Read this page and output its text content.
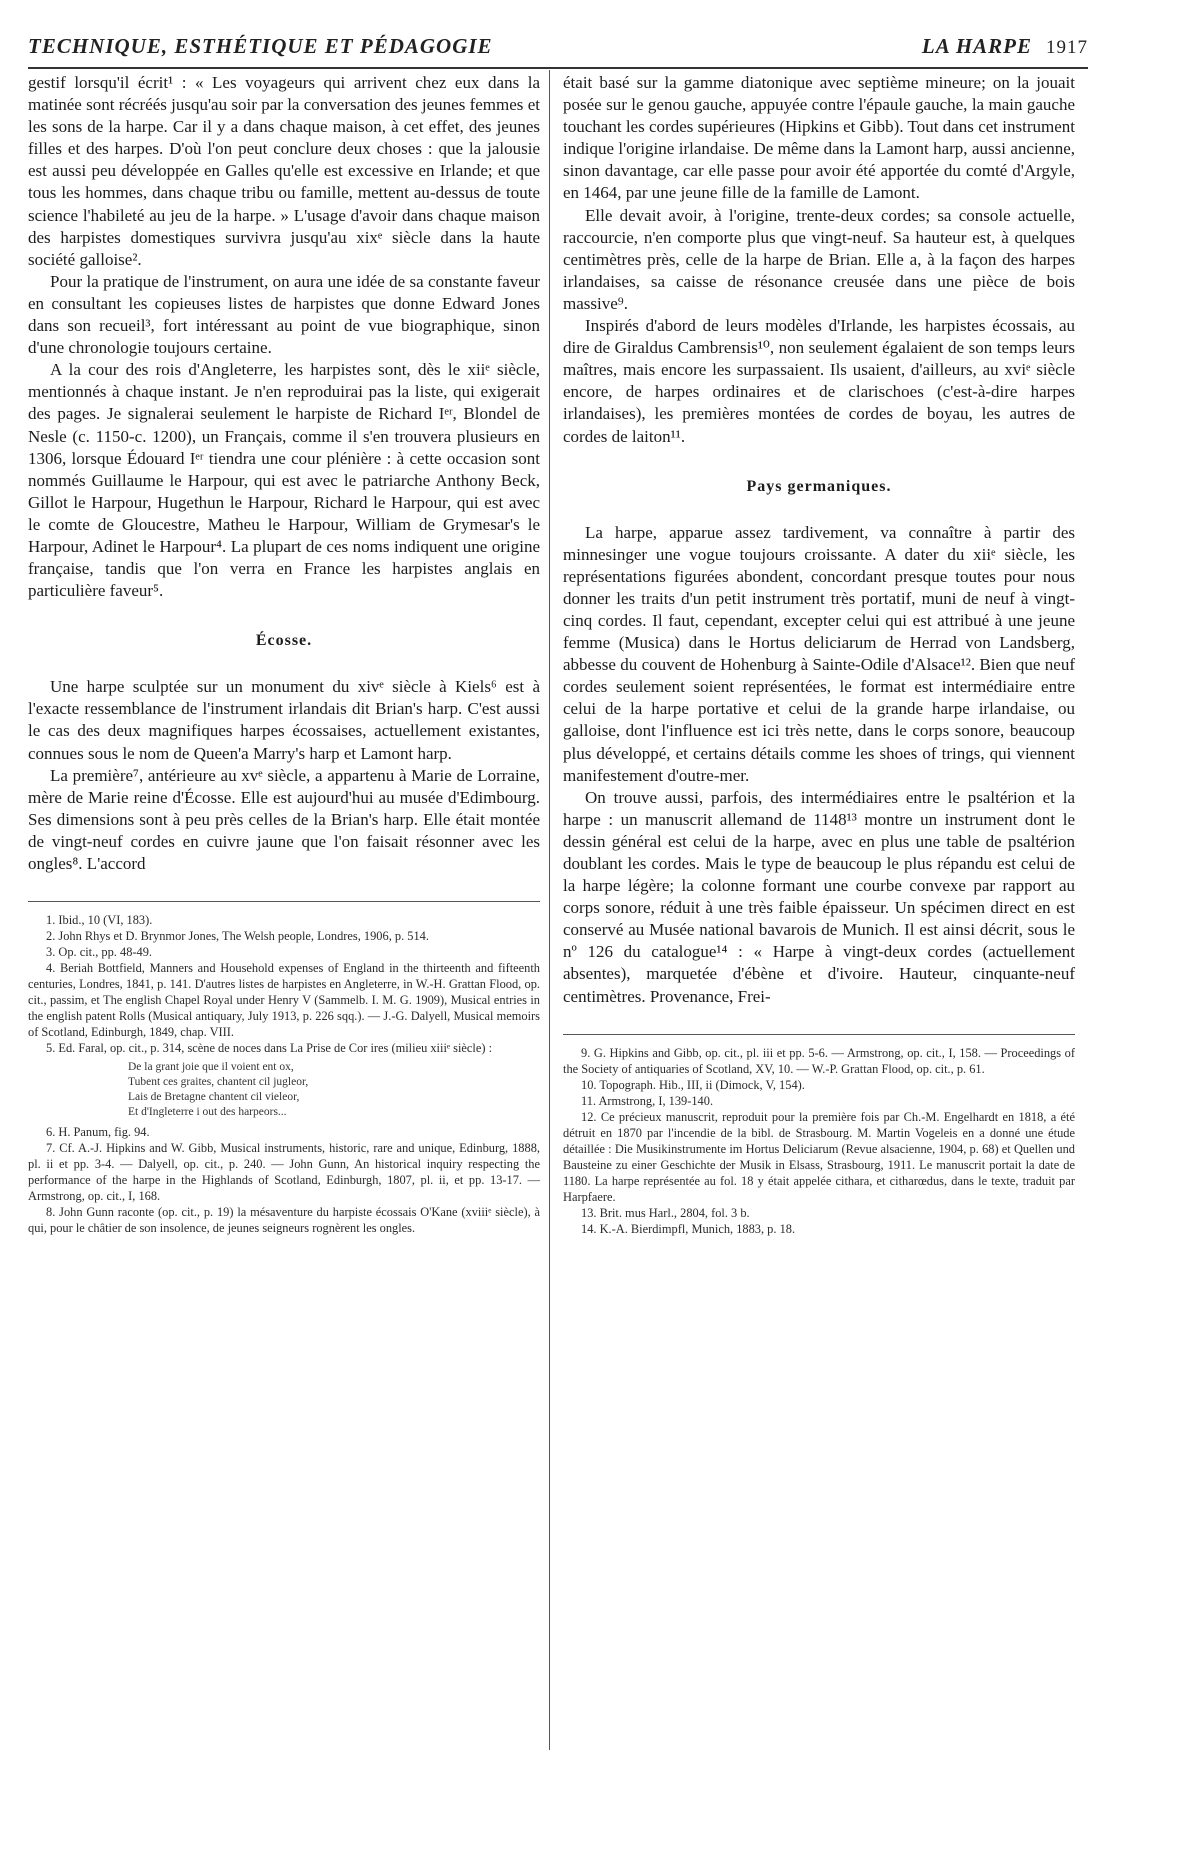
TECHNIQUE, ESTHÉTIQUE ET PÉDAGOGIE	LA HARPE 1917

gestif lorsqu'il écrit¹ : « Les voyageurs qui arrivent chez eux dans la matinée sont récréés jusqu'au soir par la conversation des jeunes femmes et les sons de la harpe. Car il y a dans chaque maison, à cet effet, des jeunes filles et des harpes. D'où l'on peut conclure deux choses : que la jalousie est aussi peu développée en Galles qu'elle est excessive en Irlande; et que tous les hommes, dans chaque tribu ou famille, mettent au-dessus de toute science l'habileté au jeu de la harpe. » L'usage d'avoir dans chaque maison des harpistes domestiques survivra jusqu'au xixᵉ siècle dans la haute société galloise².

Pour la pratique de l'instrument, on aura une idée de sa constante faveur en consultant les copieuses listes de harpistes que donne Edward Jones dans son recueil³, fort intéressant au point de vue biographique, sinon d'une chronologie toujours certaine.

A la cour des rois d'Angleterre, les harpistes sont, dès le xiiᵉ siècle, mentionnés à chaque instant. Je n'en reproduirai pas la liste, qui exigerait des pages. Je signalerai seulement le harpiste de Richard Iᵉʳ, Blondel de Nesle (c. 1150-c. 1200), un Français, comme il s'en trouvera plusieurs en 1306, lorsque Édouard Iᵉʳ tiendra une cour plénière : à cette occasion sont nommés Guillaume le Harpour, qui est avec le patriarche Anthony Beck, Gillot le Harpour, Hugethun le Harpour, Richard le Harpour, qui est avec le comte de Gloucestre, Matheu le Harpour, William de Grymesar's le Harpour, Adinet le Harpour⁴. La plupart de ces noms indiquent une origine française, tandis que l'on verra en France les harpistes anglais en particulière faveur⁵.

Écosse.

Une harpe sculptée sur un monument du xivᵉ siècle à Kiels⁶ est à l'exacte ressemblance de l'instrument irlandais dit Brian's harp. C'est aussi le cas des deux magnifiques harpes écossaises, actuellement existantes, connues sous le nom de Queen'a Marry's harp et Lamont harp.

La première⁷, antérieure au xvᵉ siècle, a appartenu à Marie de Lorraine, mère de Marie reine d'Écosse. Elle est aujourd'hui au musée d'Edimbourg. Ses dimensions sont à peu près celles de la Brian's harp. Elle était montée de vingt-neuf cordes en cuivre jaune que l'on faisait résonner avec les ongles⁸. L'accord

1. Ibid., 10 (VI, 183).

2. John Rhys et D. Brynmor Jones, The Welsh people, Londres, 1906, p. 514.

3. Op. cit., pp. 48-49.

4. Beriah Bottfield, Manners and Household expenses of England in the thirteenth and fifteenth centuries, Londres, 1841, p. 141. D'autres listes de harpistes en Angleterre, in W.-H. Grattan Flood, op. cit., passim, et The english Chapel Royal under Henry V (Sammelb. I. M. G. 1909), Musical entries in the english patent Rolls (Musical antiquary, July 1913, p. 226 sqq.). — J.-G. Dalyell, Musical memoirs of Scotland, Edinburgh, 1849, chap. VIII.

5. Ed. Faral, op. cit., p. 314, scène de noces dans La Prise de Cor ires (milieu xiiiᵉ siècle) :

De la grant joie que il voient ent ox,
Tubent ces graites, chantent cil jugleor,
Lais de Bretagne chantent cil vieleor,
Et d'Ingleterre i out des harpeors...

6. H. Panum, fig. 94.

7. Cf. A.-J. Hipkins and W. Gibb, Musical instruments, historic, rare and unique, Edinburg, 1888, pl. ii et pp. 3-4. — Dalyell, op. cit., p. 240. — John Gunn, An historical inquiry respecting the performance of the harpe in the Highlands of Scotland, Edinburgh, 1807, pl. ii, et pp. 13-17. — Armstrong, op. cit., I, 168.

8. John Gunn raconte (op. cit., p. 19) la mésaventure du harpiste écossais O'Kane (xviiiᵉ siècle), à qui, pour le châtier de son insolence, de jeunes seigneurs rognèrent les ongles.

était basé sur la gamme diatonique avec septième mineure; on la jouait posée sur le genou gauche, appuyée contre l'épaule gauche, la main gauche touchant les cordes supérieures (Hipkins et Gibb). Tout dans cet instrument indique l'origine irlandaise. De même dans la Lamont harp, aussi ancienne, sinon davantage, car elle passe pour avoir été apportée du comté d'Argyle, en 1464, par une jeune fille de la famille de Lamont.

Elle devait avoir, à l'origine, trente-deux cordes; sa console actuelle, raccourcie, n'en comporte plus que vingt-neuf. Sa hauteur est, à quelques centimètres près, celle de la harpe de Brian. Elle a, à la façon des harpes irlandaises, sa caisse de résonance creusée dans une pièce de bois massive⁹.

Inspirés d'abord de leurs modèles d'Irlande, les harpistes écossais, au dire de Giraldus Cambrensis¹⁰, non seulement égalaient de son temps leurs maîtres, mais encore les surpassaient. Ils usaient, d'ailleurs, au xviᵉ siècle encore, de harpes ordinaires et de clarischoes (c'est-à-dire harpes irlandaises), les premières montées de cordes de boyau, les autres de cordes de laiton¹¹.

Pays germaniques.

La harpe, apparue assez tardivement, va connaître à partir des minnesinger une vogue toujours croissante. A dater du xiiᵉ siècle, les représentations figurées abondent, concordant presque toutes pour nous donner les traits d'un petit instrument très portatif, muni de neuf à vingt-cinq cordes. Il faut, cependant, excepter celui qui est attribué à une jeune femme (Musica) dans le Hortus deliciarum de Herrad von Landsberg, abbesse du couvent de Hohenburg à Sainte-Odile d'Alsace¹². Bien que neuf cordes seulement soient représentées, le format est intermédiaire entre celui de la harpe portative et celui de la grande harpe irlandaise, ou galloise, dont l'influence est ici très nette, dans le corps sonore, beaucoup plus développé, et certains détails comme les shoes of trings, qui viennent manifestement d'outre-mer.

On trouve aussi, parfois, des intermédiaires entre le psaltérion et la harpe : un manuscrit allemand de 1148¹³ montre un instrument dont le dessin général est celui de la harpe, avec en plus une table de psaltérion doublant les cordes. Mais le type de beaucoup le plus répandu est celui de la harpe légère; la colonne formant une courbe convexe par rapport au corps sonore, réduit à une très faible épaisseur. Un spécimen direct en est conservé au Musée national bavarois de Munich. Il est ainsi décrit, sous le nº 126 du catalogue¹⁴ : « Harpe à vingt-deux cordes (actuellement absentes), marquetée d'ébène et d'ivoire. Hauteur, cinquante-neuf centimètres. Provenance, Frei-

9. G. Hipkins and Gibb, op. cit., pl. iii et pp. 5-6. — Armstrong, op. cit., I, 158. — Proceedings of the Society of antiquaries of Scotland, XV, 10. — W.-P. Grattan Flood, op. cit., p. 61.

10. Topograph. Hib., III, ii (Dimock, V, 154).

11. Armstrong, I, 139-140.

12. Ce précieux manuscrit, reproduit pour la première fois par Ch.-M. Engelhardt en 1818, a été détruit en 1870 par l'incendie de la bibl. de Strasbourg. M. Martin Vogeleis en a donné une étude détaillée : Die Musikinstrumente im Hortus Deliciarum (Revue alsacienne, 1904, p. 68) et Quellen und Bausteine zu einer Geschichte der Musik in Elsass, Strasbourg, 1911. Le manuscrit portait la date de 1180. La harpe représentée au fol. 18 y était appelée cithara, et citharœdus, dans le texte, traduit par Harpfaere.

13. Brit. mus Harl., 2804, fol. 3 b.

14. K.-A. Bierdimpfl, Munich, 1883, p. 18.
